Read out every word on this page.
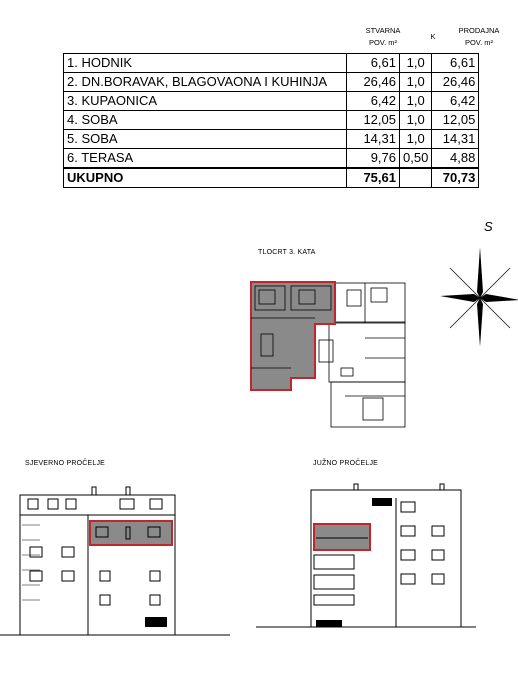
STVARNA
POV. m²
K
PRODAJNA
POV. m²
1. HODNIK	6,61	1,0	6,61
2. DN.BORAVAK, BLAGOVAONA I KUHINJA	26,46	1,0	26,46
3. KUPAONICA	6,42	1,0	6,42
4. SOBA	12,05	1,0	12,05
5. SOBA	14,31	1,0	14,31
6. TERASA	9,76	0,50	4,88
UKUPNO	75,61		70,73
TLOCRT 3. KATA
S
SJEVERNO PROČELJE	JUŽNO PROČELJE
